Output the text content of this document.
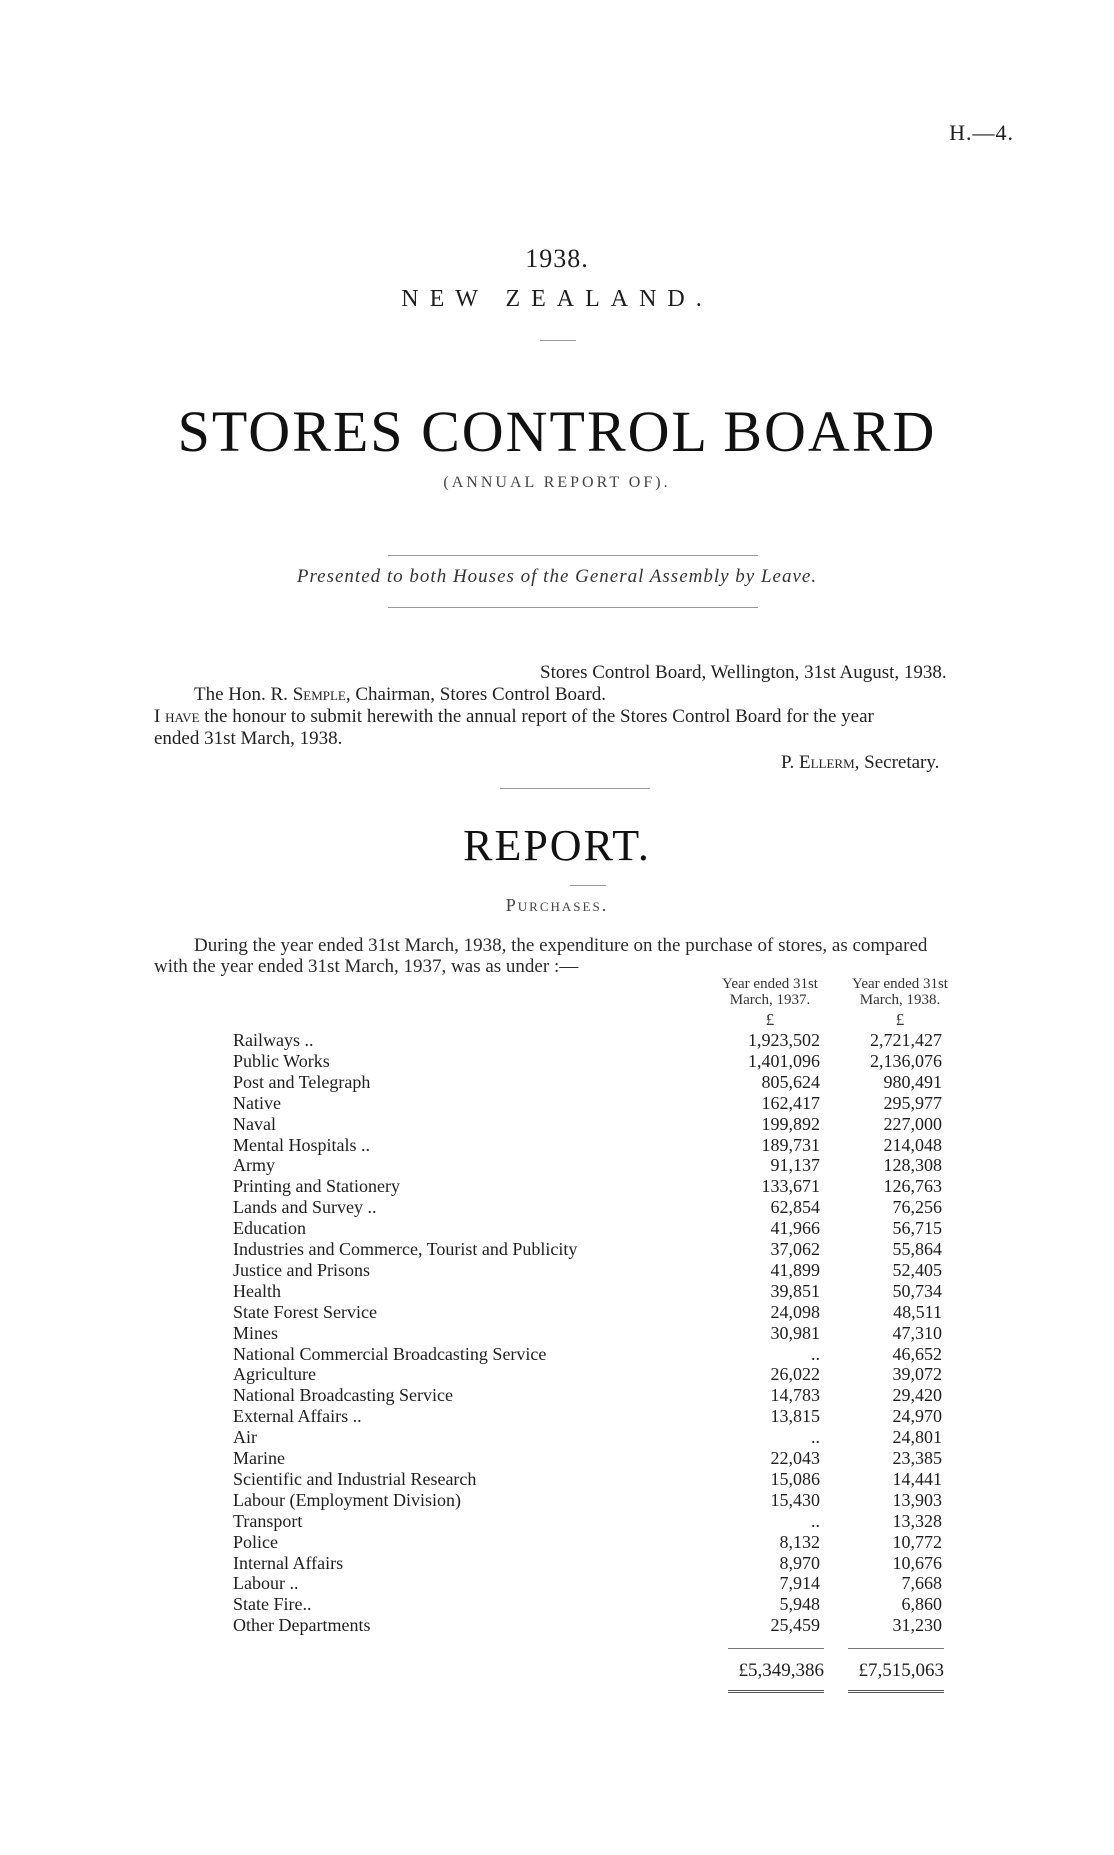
H.—4.
1938.
NEW ZEALAND.
STORES CONTROL BOARD
(ANNUAL REPORT OF).
Presented to both Houses of the General Assembly by Leave.
Stores Control Board, Wellington, 31st August, 1938.
The Hon. R. Semple, Chairman, Stores Control Board.
I have the honour to submit herewith the annual report of the Stores Control Board for the year
ended 31st March, 1938.
P. Ellerm, Secretary.
REPORT.
Purchases.
During the year ended 31st March, 1938, the expenditure on the purchase of stores, as compared
with the year ended 31st March, 1937, was as under :—
Year ended 31st
March, 1937.
Year ended 31st
March, 1938.
£	£
Railways ..	1,923,502	2,721,427
Public Works	1,401,096	2,136,076
Post and Telegraph	805,624	980,491
Native	162,417	295,977
Naval	199,892	227,000
Mental Hospitals ..	189,731	214,048
Army	91,137	128,308
Printing and Stationery	133,671	126,763
Lands and Survey ..	62,854	76,256
Education	41,966	56,715
Industries and Commerce, Tourist and Publicity	37,062	55,864
Justice and Prisons	41,899	52,405
Health	39,851	50,734
State Forest Service	24,098	48,511
Mines	30,981	47,310
National Commercial Broadcasting Service	..	46,652
Agriculture	26,022	39,072
National Broadcasting Service	14,783	29,420
External Affairs ..	13,815	24,970
Air	..	24,801
Marine	22,043	23,385
Scientific and Industrial Research	15,086	14,441
Labour (Employment Division)	15,430	13,903
Transport	..	13,328
Police	8,132	10,772
Internal Affairs	8,970	10,676
Labour ..	7,914	7,668
State Fire..	5,948	6,860
Other Departments	25,459	31,230
£5,349,386	£7,515,063
